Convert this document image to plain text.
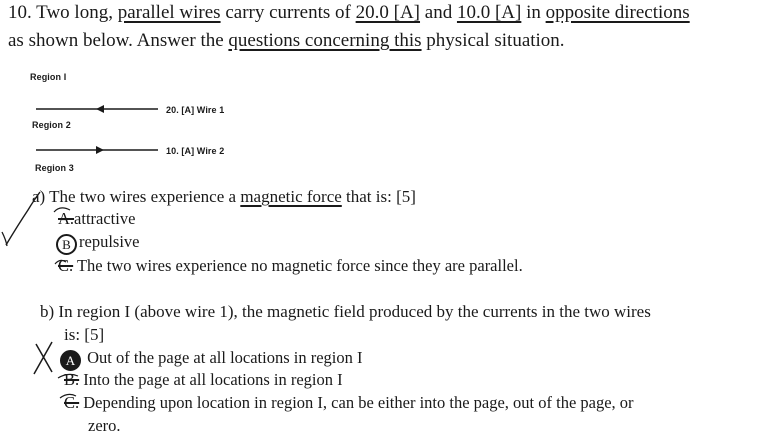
10. Two long, parallel wires carry currents of 20.0 [A] and 10.0 [A] in opposite directions
as shown below. Answer the questions concerning this physical situation.
Region I
Region 2
Region 3
20. [A] Wire 1
10. [A] Wire 2
a) The two wires experience a magnetic force that is: [5]
A.attractive
B repulsive
C. The two wires experience no magnetic force since they are parallel.
b) In region I (above wire 1), the magnetic field produced by the currents in the two wires
is: [5]
A Out of the page at all locations in region I
B. Into the page at all locations in region I
C. Depending upon location in region I, can be either into the page, out of the page, or
zero.
